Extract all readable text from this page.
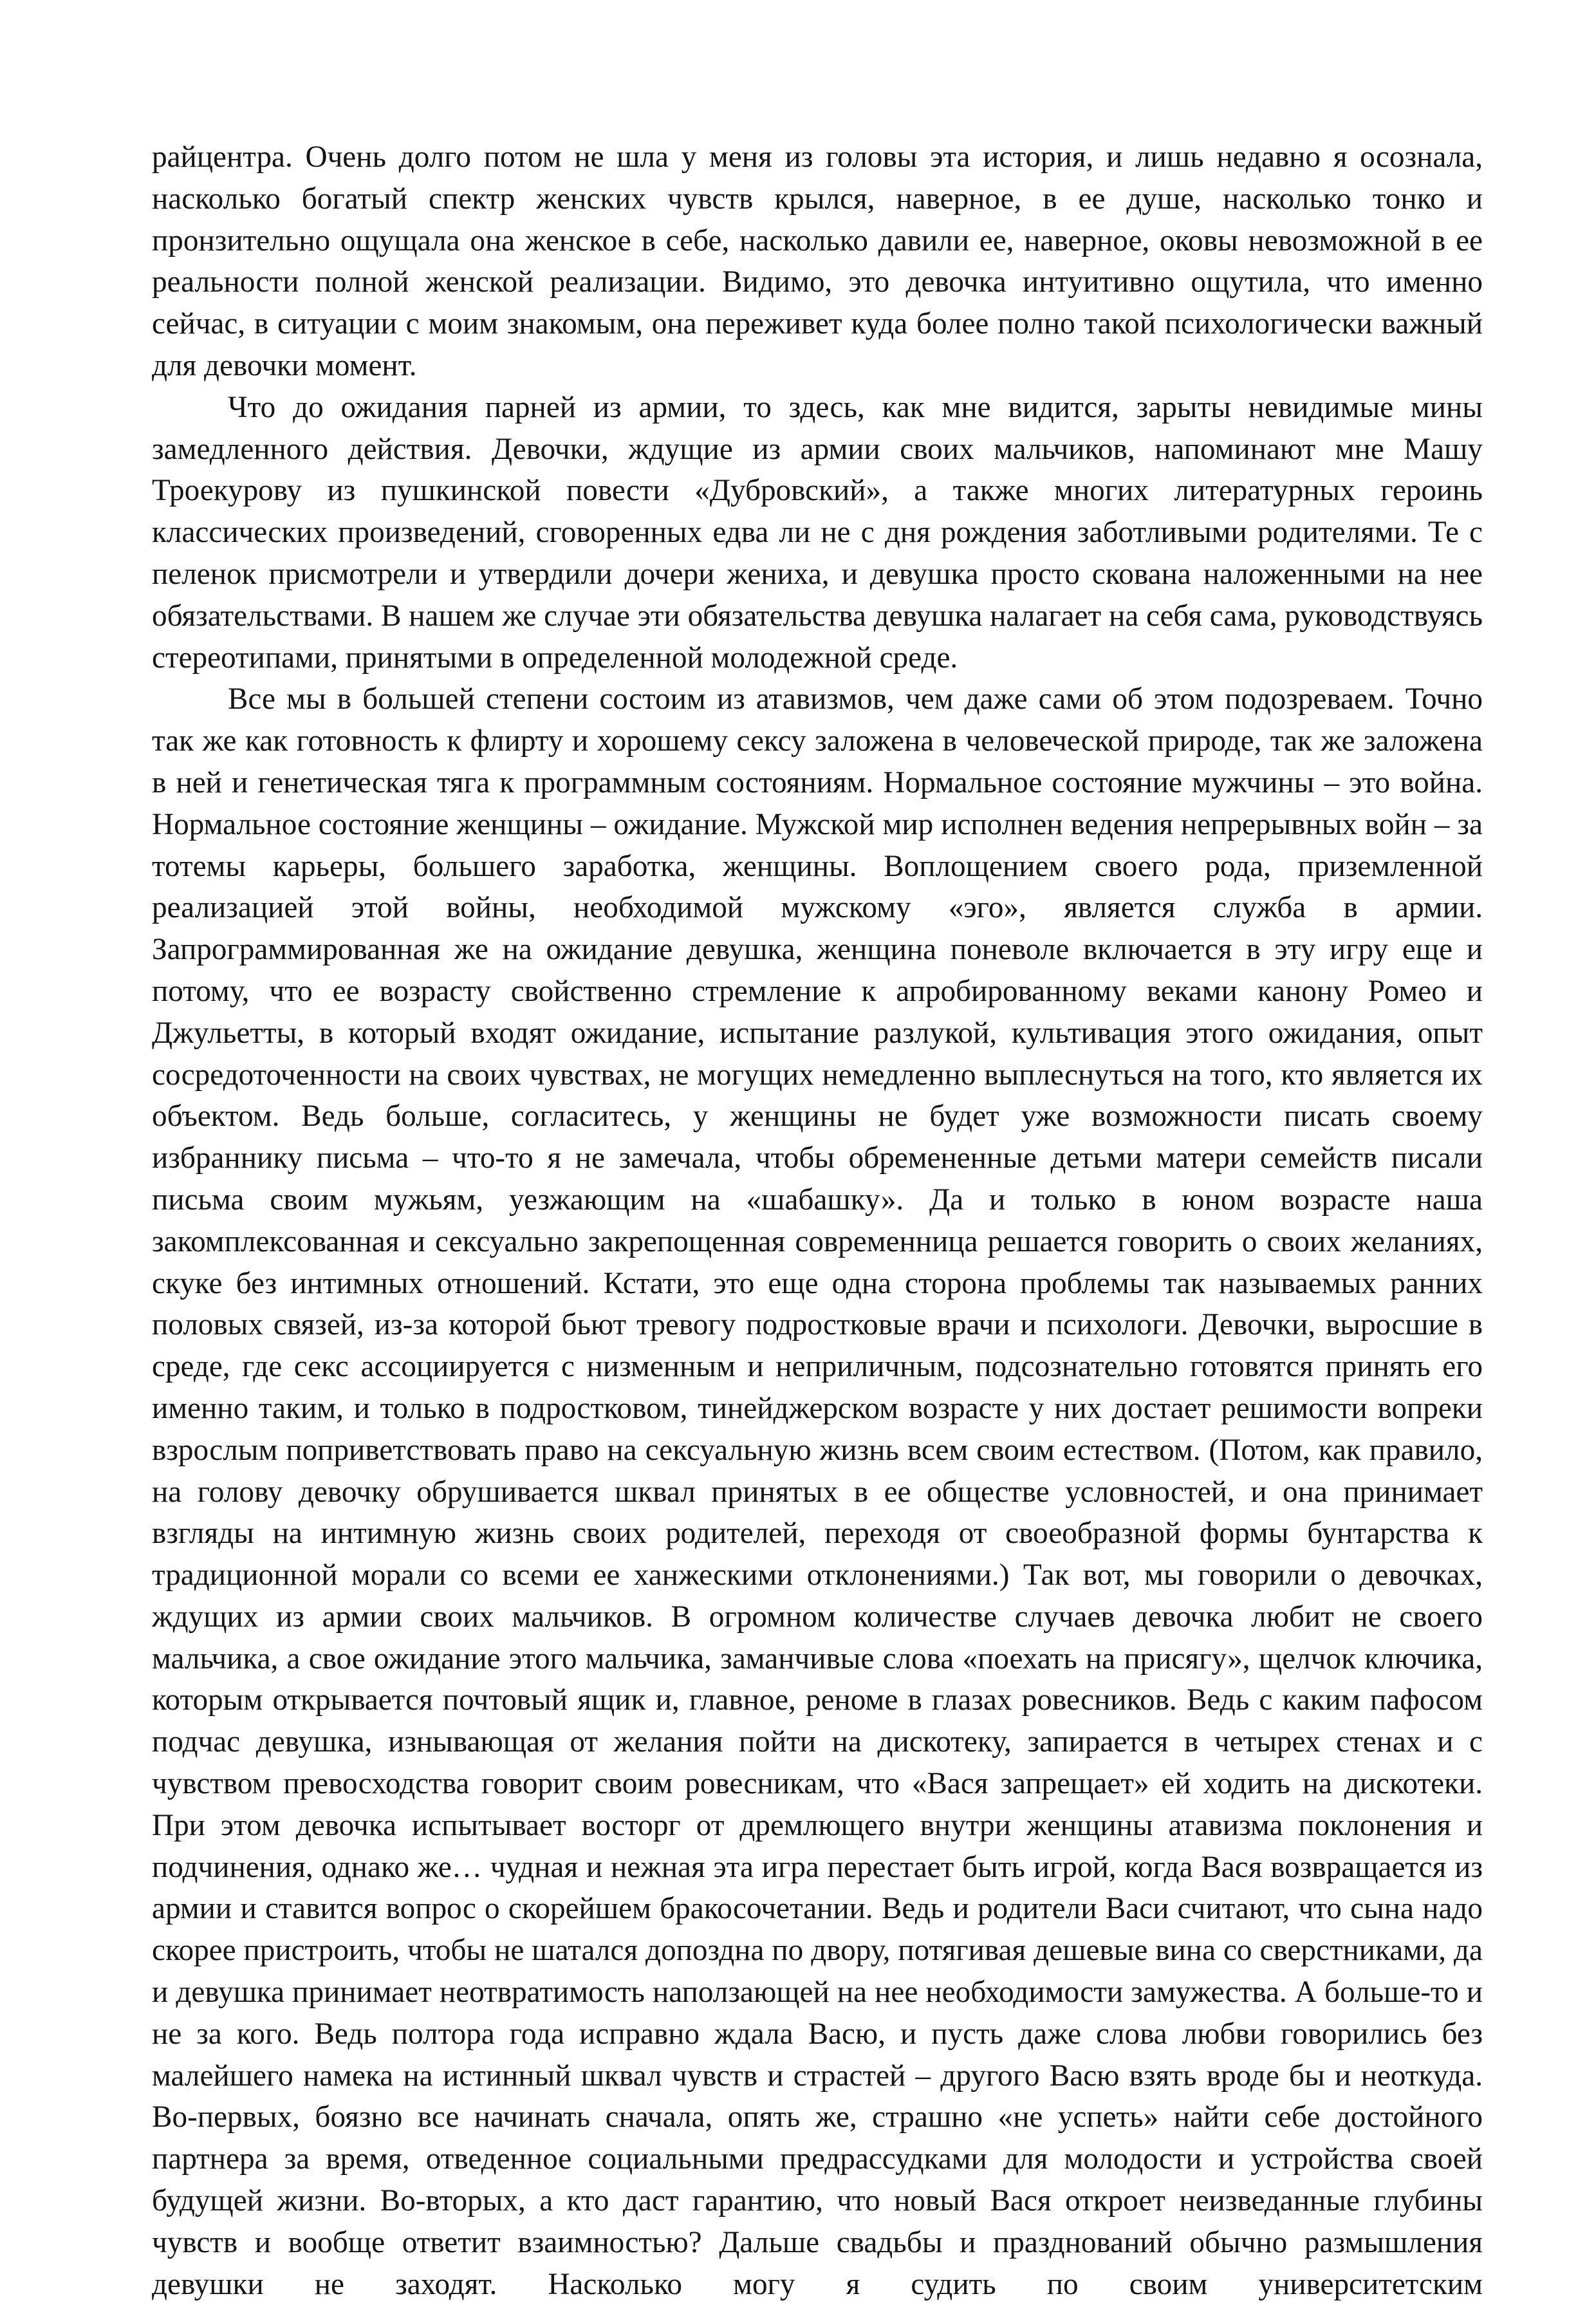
райцентра. Очень долго потом не шла у меня из головы эта история, и лишь недавно я осознала, насколько богатый спектр женских чувств крылся, наверное, в ее душе, насколько тонко и пронзительно ощущала она женское в себе, насколько давили ее, наверное, оковы невозможной в ее реальности полной женской реализации. Видимо, это девочка интуитивно ощутила, что именно сейчас, в ситуации с моим знакомым, она переживет куда более полно такой психологически важный для девочки момент.

Что до ожидания парней из армии, то здесь, как мне видится, зарыты невидимые мины замедленного действия. Девочки, ждущие из армии своих мальчиков, напоминают мне Машу Троекурову из пушкинской повести «Дубровский», а также многих литературных героинь классических произведений, сговоренных едва ли не с дня рождения заботливыми родителями. Те с пеленок присмотрели и утвердили дочери жениха, и девушка просто скована наложенными на нее обязательствами. В нашем же случае эти обязательства девушка налагает на себя сама, руководствуясь стереотипами, принятыми в определенной молодежной среде.

Все мы в большей степени состоим из атавизмов, чем даже сами об этом подозреваем. Точно так же как готовность к флирту и хорошему сексу заложена в человеческой природе, так же заложена в ней и генетическая тяга к программным состояниям. Нормальное состояние мужчины – это война. Нормальное состояние женщины – ожидание. Мужской мир исполнен ведения непрерывных войн – за тотемы карьеры, большего заработка, женщины. Воплощением своего рода, приземленной реализацией этой войны, необходимой мужскому «эго», является служба в армии. Запрограммированная же на ожидание девушка, женщина поневоле включается в эту игру еще и потому, что ее возрасту свойственно стремление к апробированному веками канону Ромео и Джульетты, в который входят ожидание, испытание разлукой, культивация этого ожидания, опыт сосредоточенности на своих чувствах, не могущих немедленно выплеснуться на того, кто является их объектом. Ведь больше, согласитесь, у женщины не будет уже возможности писать своему избраннику письма – что-то я не замечала, чтобы обремененные детьми матери семейств писали письма своим мужьям, уезжающим на «шабашку». Да и только в юном возрасте наша закомплексованная и сексуально закрепощенная современница решается говорить о своих желаниях, скуке без интимных отношений. Кстати, это еще одна сторона проблемы так называемых ранних половых связей, из-за которой бьют тревогу подростковые врачи и психологи. Девочки, выросшие в среде, где секс ассоциируется с низменным и неприличным, подсознательно готовятся принять его именно таким, и только в подростковом, тинейджерском возрасте у них достает решимости вопреки взрослым поприветствовать право на сексуальную жизнь всем своим естеством. (Потом, как правило, на голову девочку обрушивается шквал принятых в ее обществе условностей, и она принимает взгляды на интимную жизнь своих родителей, переходя от своеобразной формы бунтарства к традиционной морали со всеми ее ханжескими отклонениями.) Так вот, мы говорили о девочках, ждущих из армии своих мальчиков. В огромном количестве случаев девочка любит не своего мальчика, а свое ожидание этого мальчика, заманчивые слова «поехать на присягу», щелчок ключика, которым открывается почтовый ящик и, главное, реноме в глазах ровесников. Ведь с каким пафосом подчас девушка, изнывающая от желания пойти на дискотеку, запирается в четырех стенах и с чувством превосходства говорит своим ровесникам, что «Вася запрещает» ей ходить на дискотеки. При этом девочка испытывает восторг от дремлющего внутри женщины атавизма поклонения и подчинения, однако же… чудная и нежная эта игра перестает быть игрой, когда Вася возвращается из армии и ставится вопрос о скорейшем бракосочетании. Ведь и родители Васи считают, что сына надо скорее пристроить, чтобы не шатался допоздна по двору, потягивая дешевые вина со сверстниками, да и девушка принимает неотвратимость наползающей на нее необходимости замужества. А больше-то и не за кого. Ведь полтора года исправно ждала Васю, и пусть даже слова любви говорились без малейшего намека на истинный шквал чувств и страстей – другого Васю взять вроде бы и неоткуда. Во-первых, боязно все начинать сначала, опять же, страшно «не успеть» найти себе достойного партнера за время, отведенное социальными предрассудками для молодости и устройства своей будущей жизни. Во-вторых, а кто даст гарантию, что новый Вася откроет неизведанные глубины чувств и вообще ответит взаимностью? Дальше свадьбы и празднований обычно размышления девушки не заходят. Насколько могу я судить по своим университетским
